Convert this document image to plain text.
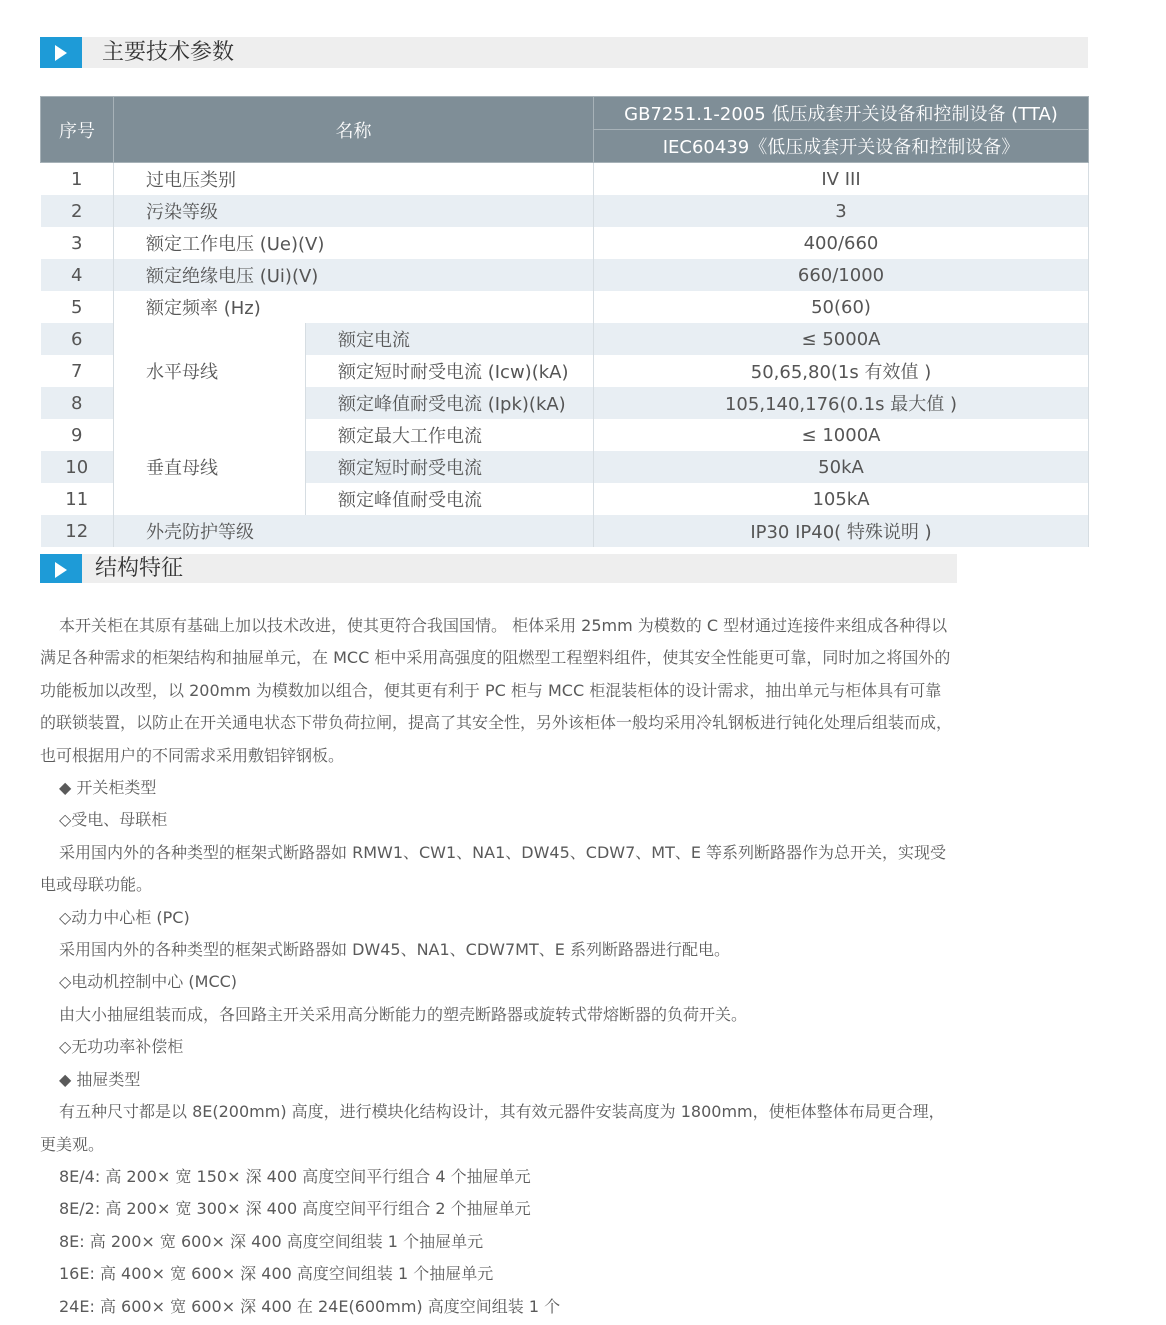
主要技术参数
序号	名称		GB7251.1-2005 低压成套开关设备和控制设备 (TTA)
			IEC60439《低压成套开关设备和控制设备》
1	过电压类别		IV III
2	污染等级		3
3	额定工作电压 (Ue)(V)		400/660
4	额定绝缘电压 (Ui)(V)		660/1000
5	额定频率 (Hz)		50(60)
6	水平母线	额定电流	≤ 5000A
7		额定短时耐受电流 (Icw)(kA)	50,65,80(1s 有效值 )
8		额定峰值耐受电流 (Ipk)(kA)	105,140,176(0.1s 最大值 )
9	垂直母线	额定最大工作电流	≤ 1000A
10		额定短时耐受电流	50kA
11		额定峰值耐受电流	105kA
12	外壳防护等级		IP30 IP40( 特殊说明 )
结构特征

本开关柜在其原有基础上加以技术改进，使其更符合我国国情。 柜体采用 25mm 为模数的 C 型材通过连接件来组成各种得以满足各种需求的柜架结构和抽屉单元，在 MCC 柜中采用高强度的阻燃型工程塑料组件，使其安全性能更可靠，同时加之将国外的功能板加以改型，以 200mm 为模数加以组合，便其更有利于 PC 柜与 MCC 柜混装柜体的设计需求，抽出单元与柜体具有可靠的联锁装置，以防止在开关通电状态下带负荷拉闸，提高了其安全性，另外该柜体一般均采用冷轧钢板进行钝化处理后组装而成，也可根据用户的不同需求采用敷铝锌钢板。

◆ 开关柜类型

◇受电、母联柜

采用国内外的各种类型的框架式断路器如 RMW1、CW1、NA1、DW45、CDW7、MT、E 等系列断路器作为总开关，实现受电或母联功能。

◇动力中心柜 (PC)

采用国内外的各种类型的框架式断路器如 DW45、NA1、CDW7MT、E 系列断路器进行配电。

◇电动机控制中心 (MCC)

由大小抽屉组装而成，各回路主开关采用高分断能力的塑壳断路器或旋转式带熔断器的负荷开关。

◇无功功率补偿柜

◆ 抽屉类型

有五种尺寸都是以 8E(200mm) 高度，进行模块化结构设计，其有效元器件安装高度为 1800mm，使柜体整体布局更合理，更美观。

8E/4: 高 200× 宽 150× 深 400 高度空间平行组合 4 个抽屉单元

8E/2: 高 200× 宽 300× 深 400 高度空间平行组合 2 个抽屉单元

8E: 高 200× 宽 600× 深 400 高度空间组装 1 个抽屉单元

16E: 高 400× 宽 600× 深 400 高度空间组装 1 个抽屉单元

24E: 高 600× 宽 600× 深 400 在 24E(600mm) 高度空间组装 1 个
